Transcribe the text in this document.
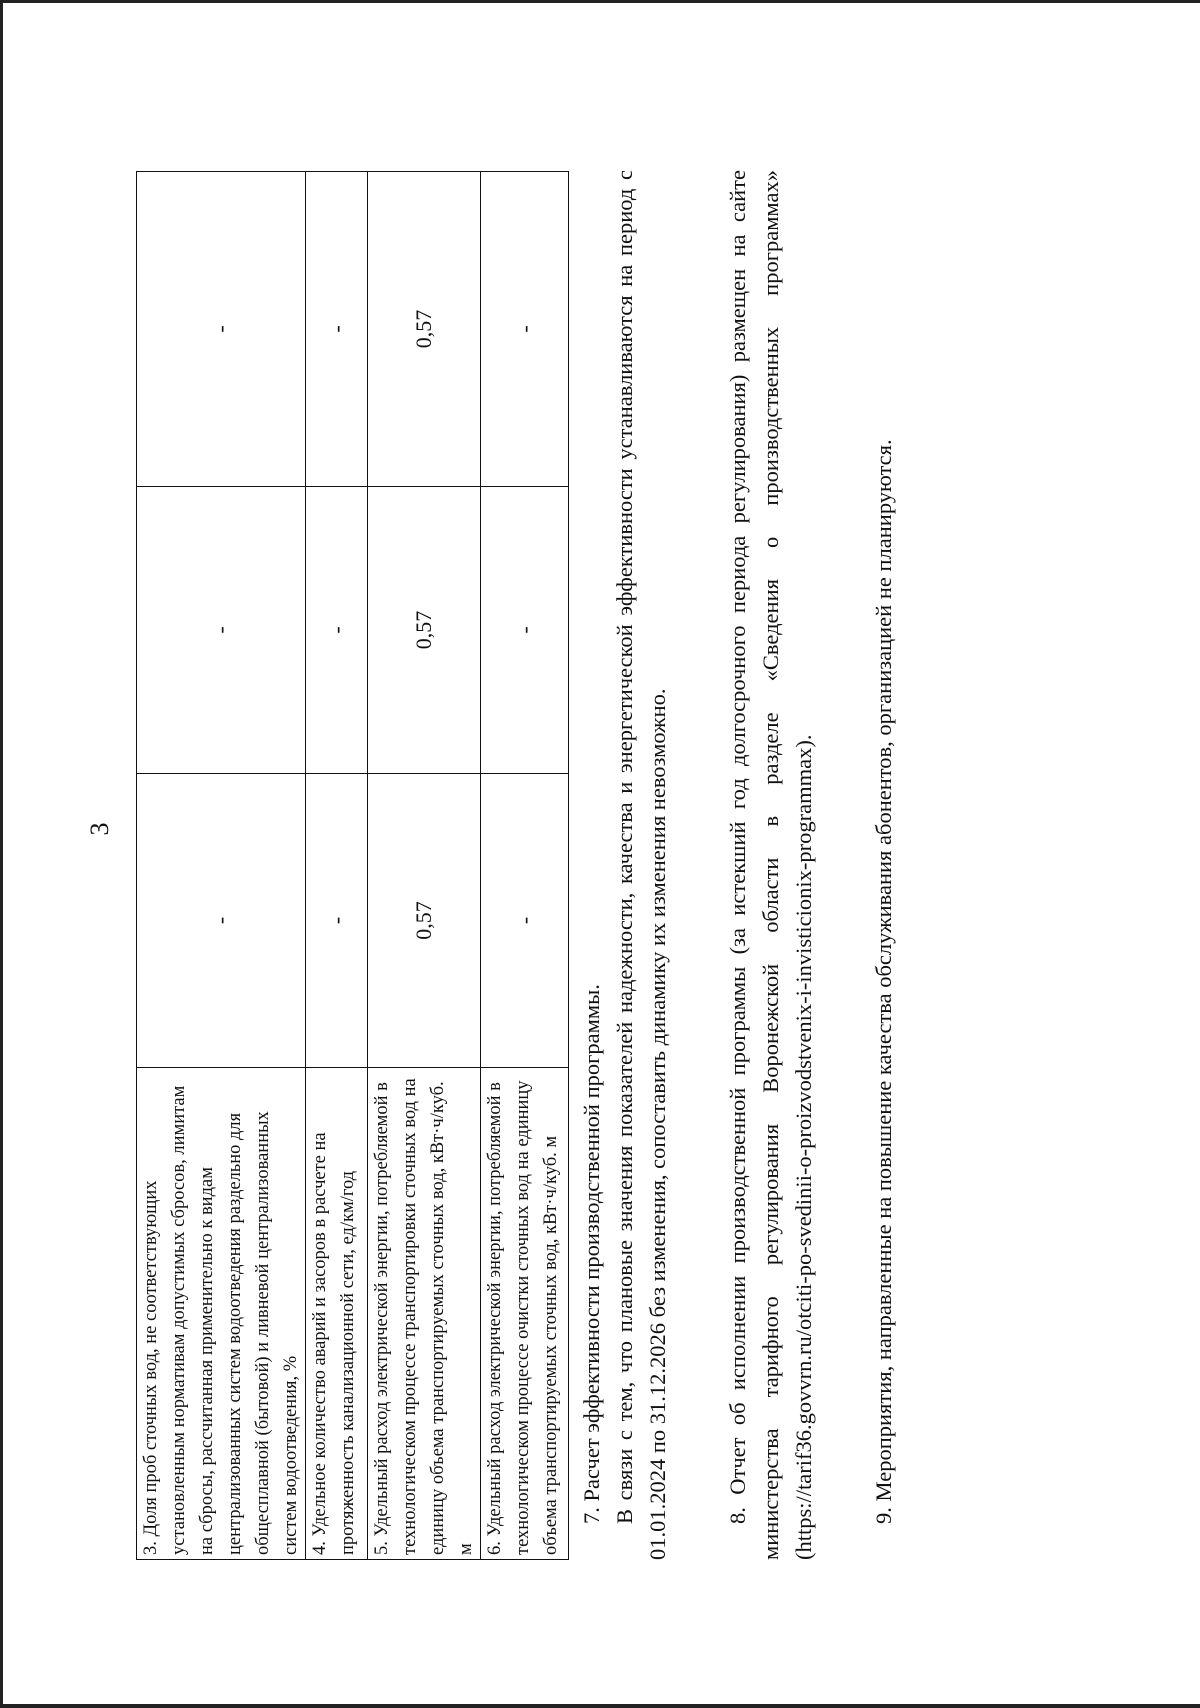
3
3. Доля проб сточных вод, не соответствующих установленным нормативам допустимых сбросов, лимитам на сбросы, рассчитанная применительно к видам централизованных систем водоотведения раздельно для общесплавной (бытовой) и ливневой централизованных систем водоотведения, %	-	-	-
4. Удельное количество аварий и засоров в расчете на протяженность канализационной сети, ед/км/год	-	-	-
5. Удельный расход электрической энергии, потребляемой в технологическом процессе транспортировки сточных вод на единицу объема транспортируемых сточных вод, кВт·ч/куб. м	0,57	0,57	0,57
6. Удельный расход электрической энергии, потребляемой в технологическом процессе очистки сточных вод на единицу объема транспортируемых сточных вод, кВт·ч/куб. м	-	-	-

7. Расчет эффективности производственной программы. В связи с тем, что плановые значения показателей надежности, качества и энергетической эффективности устанавливаются на период с 01.01.2024 по 31.12.2026 без изменения, сопоставить динамику их изменения невозможно. 8. Отчет об исполнении производственной программы (за истекший год долгосрочного периода регулирования) размещен на сайте министерства тарифного регулирования Воронежской области в разделе «Сведения о производственных программах» (https://tarif36.govvrn.ru/otciti-po-svedinii-o-proizvodstvenix-i-invisticionix-programmax). 9. Мероприятия, направленные на повышение качества обслуживания абонентов, организацией не планируются.
